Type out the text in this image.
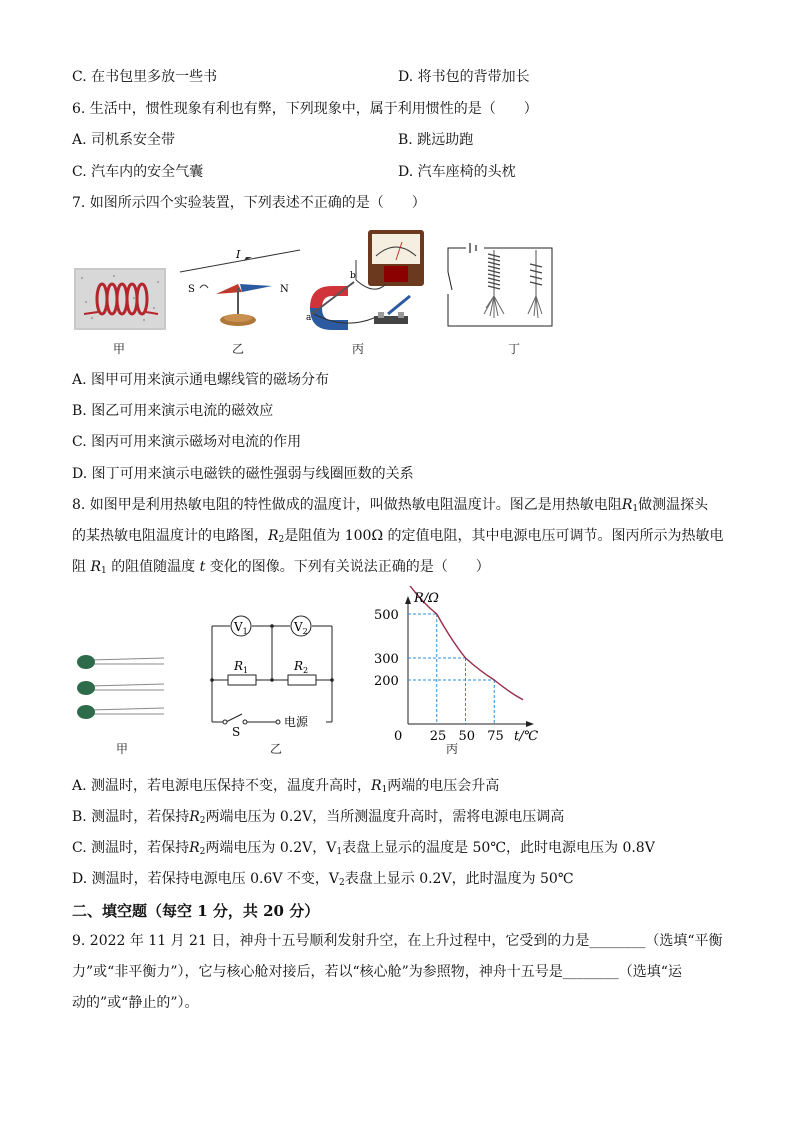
C. 在书包里多放一些书	D. 将书包的背带加长
6. 生活中，惯性现象有利也有弊，下列现象中，属于利用惯性的是（　　）
A. 司机系安全带	B. 跳远助跑
C. 汽车内的安全气囊	D. 汽车座椅的头枕
7. 如图所示四个实验装置，下列表述不正确的是（　　）
甲
I
S	N
乙
a
b
丙	丁
A. 图甲可用来演示通电螺线管的磁场分布
B. 图乙可用来演示电流的磁效应
C. 图丙可用来演示磁场对电流的作用
D. 图丁可用来演示电磁铁的磁性强弱与线圈匝数的关系
8. 如图甲是利用热敏电阻的特性做成的温度计，叫做热敏电阻温度计。图乙是用热敏电阻$R_1$做测温探头
的某热敏电阻温度计的电路图，$R_2$是阻值为 100Ω 的定值电阻，其中电源电压可调节。图丙所示为热敏电
阻 $R_1$ 的阻值随温度 t 变化的图像。下列有关说法正确的是（　　）
甲
$V_1$	$V_2$
$R_1$	$R_2$
S
电源
乙
0 25 50 75
200
300
500
t/℃
R/Ω
丙
A. 测温时，若电源电压保持不变，温度升高时，$R_1$两端的电压会升高
B. 测温时，若保持$R_2$两端电压为 0.2V，当所测温度升高时，需将电源电压调高
C. 测温时，若保持$R_2$两端电压为 0.2V，$V_1$表盘上显示的温度是 50℃，此时电源电压为 0.8V
D. 测温时，若保持电源电压 0.6V 不变，$V_2$表盘上显示 0.2V，此时温度为 50℃
二、填空题（每空 1 分，共 20 分）
9. 2022 年 11 月 21 日，神舟十五号顺利发射升空，在上升过程中，它受到的力是________（选填“平衡
力”或“非平衡力”），它与核心舱对接后，若以“核心舱”为参照物，神舟十五号是________（选填“运
动的”或“静止的”）。
